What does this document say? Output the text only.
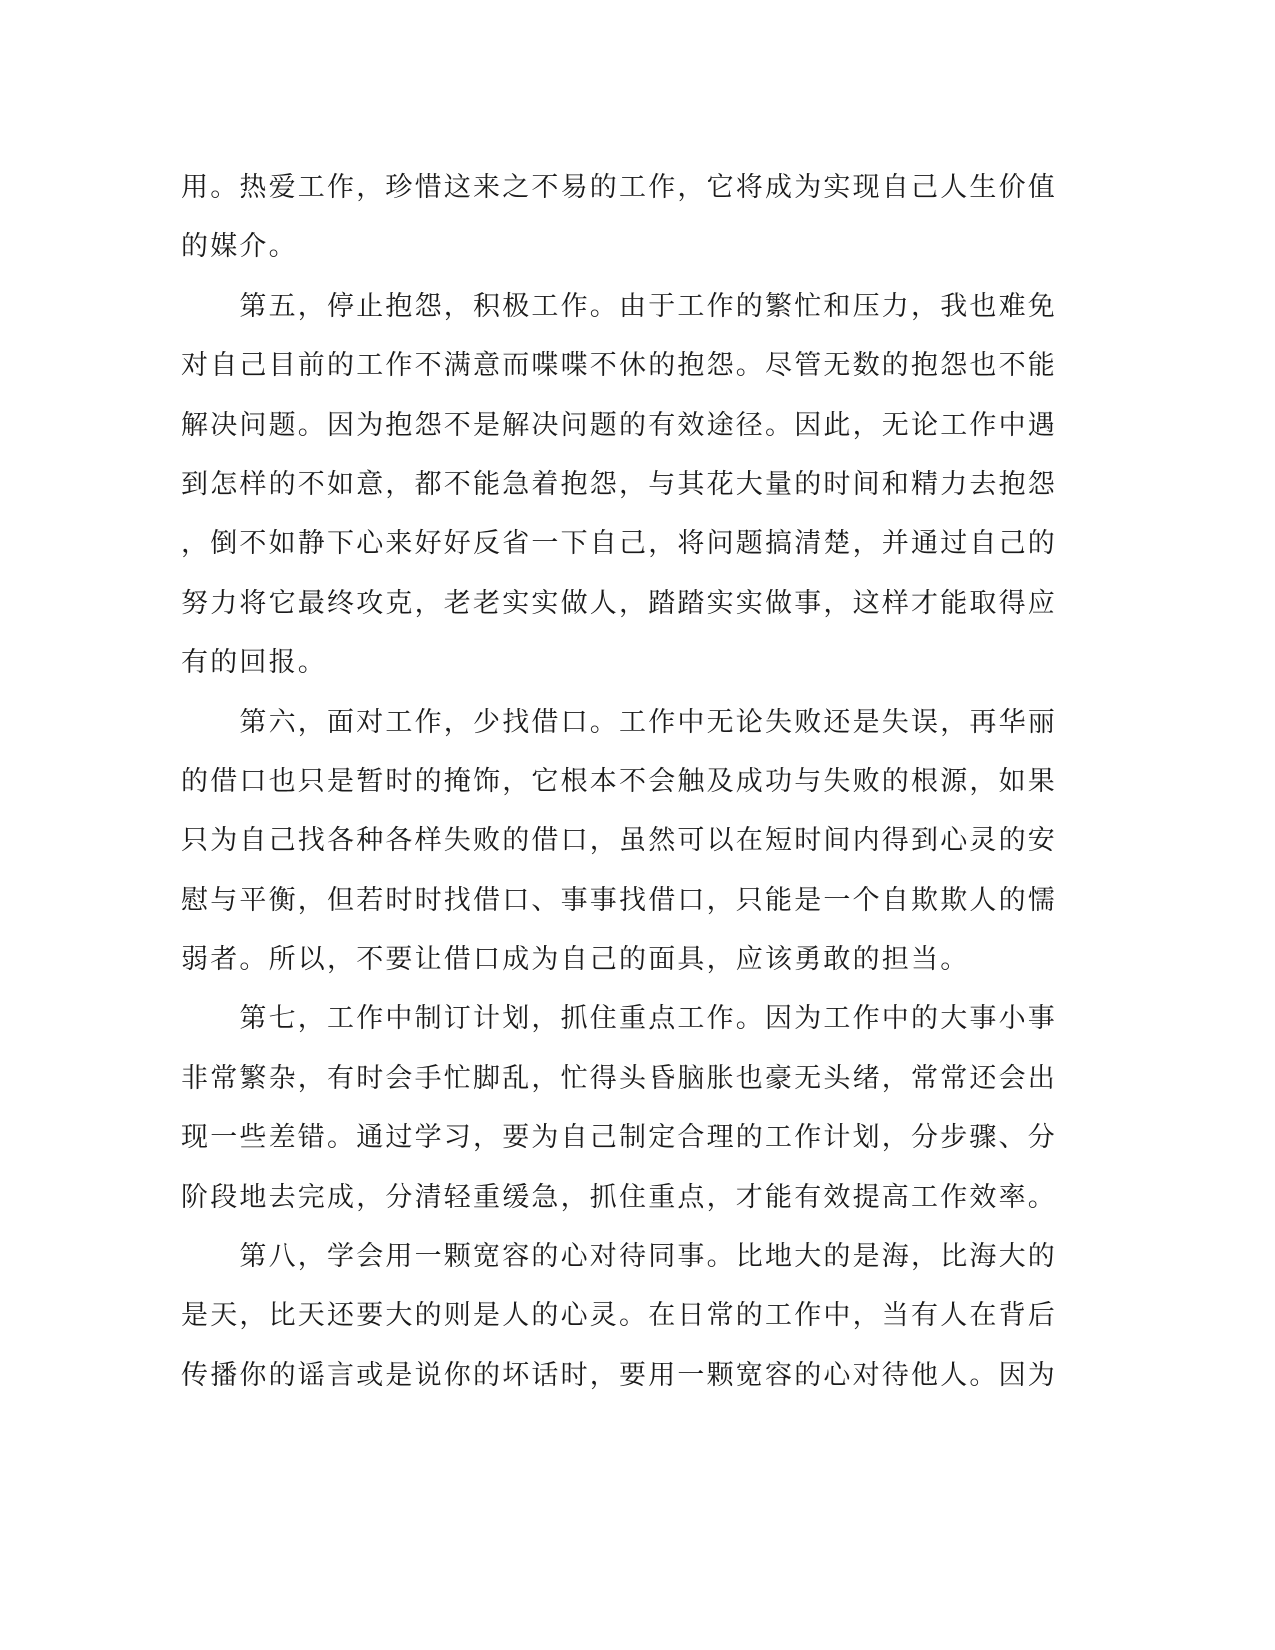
用。热爱工作，珍惜这来之不易的工作，它将成为实现自己人生价值
的媒介。
　　第五，停止抱怨，积极工作。由于工作的繁忙和压力，我也难免
对自己目前的工作不满意而喋喋不休的抱怨。尽管无数的抱怨也不能
解决问题。因为抱怨不是解决问题的有效途径。因此，无论工作中遇
到怎样的不如意，都不能急着抱怨，与其花大量的时间和精力去抱怨
，倒不如静下心来好好反省一下自己，将问题搞清楚，并通过自己的
努力将它最终攻克，老老实实做人，踏踏实实做事，这样才能取得应
有的回报。
　　第六，面对工作，少找借口。工作中无论失败还是失误，再华丽
的借口也只是暂时的掩饰，它根本不会触及成功与失败的根源，如果
只为自己找各种各样失败的借口，虽然可以在短时间内得到心灵的安
慰与平衡，但若时时找借口、事事找借口，只能是一个自欺欺人的懦
弱者。所以，不要让借口成为自己的面具，应该勇敢的担当。
　　第七，工作中制订计划，抓住重点工作。因为工作中的大事小事
非常繁杂，有时会手忙脚乱，忙得头昏脑胀也豪无头绪，常常还会出
现一些差错。通过学习，要为自己制定合理的工作计划，分步骤、分
阶段地去完成，分清轻重缓急，抓住重点，才能有效提高工作效率。
　　第八，学会用一颗宽容的心对待同事。比地大的是海，比海大的
是天，比天还要大的则是人的心灵。在日常的工作中，当有人在背后
传播你的谣言或是说你的坏话时，要用一颗宽容的心对待他人。因为
